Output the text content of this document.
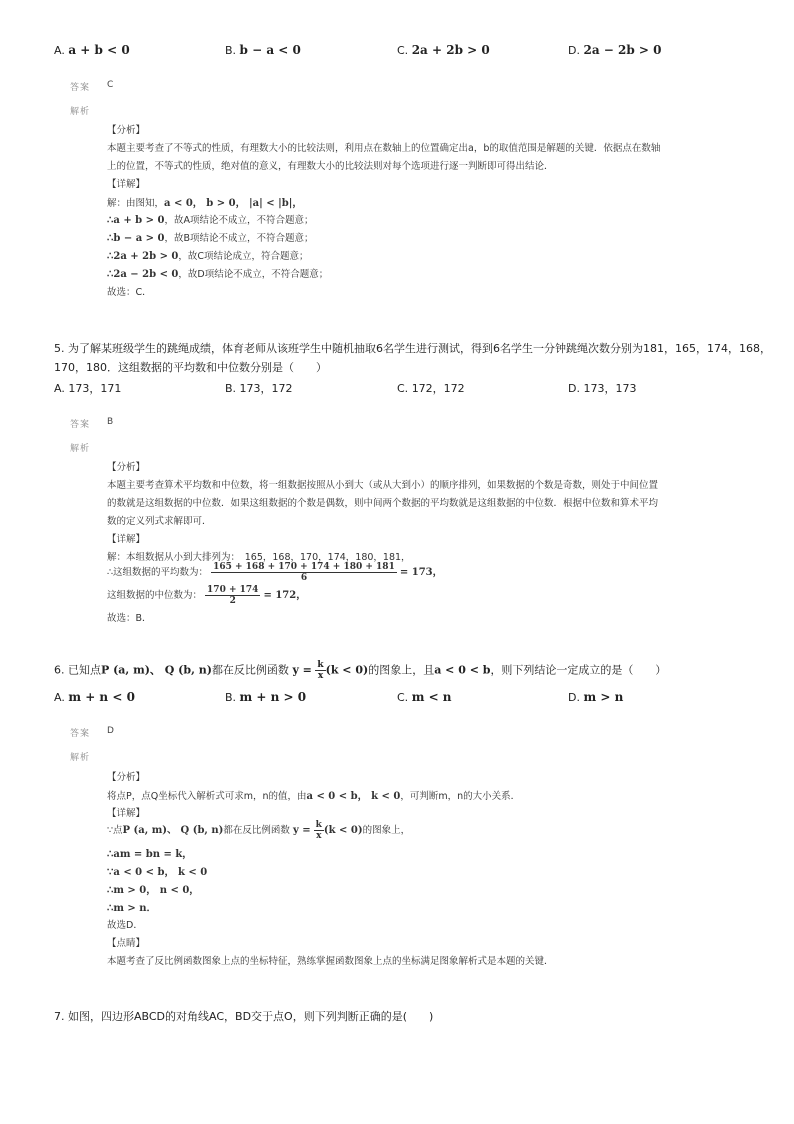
A. a + b < 0	B. b − a < 0	C. 2a + 2b > 0	D. 2a − 2b > 0
答案 C
解析
【分析】
本题主要考查了不等式的性质，有理数大小的比较法则，利用点在数轴上的位置确定出a，b的取值范围是解题的关键．依据点在数轴
上的位置，不等式的性质，绝对值的意义，有理数大小的比较法则对每个选项进行逐一判断即可得出结论．
【详解】
解：由图知，a < 0， b > 0， |a| < |b|，
∴a + b > 0，故A项结论不成立，不符合题意；
∴b − a > 0，故B项结论不成立，不符合题意；
∴2a + 2b > 0，故C项结论成立，符合题意；
∴2a − 2b < 0，故D项结论不成立，不符合题意；
故选：C．
5. 为了解某班级学生的跳绳成绩，体育老师从该班学生中随机抽取6名学生进行测试，得到6名学生一分钟跳绳次数分别为181，165，174，168，
170，180．这组数据的平均数和中位数分别是（　　）
A. 173，171	B. 173，172	C. 172，172	D. 173，173
答案 B
解析
【分析】
本题主要考查算术平均数和中位数，将一组数据按照从小到大（或从大到小）的顺序排列，如果数据的个数是奇数，则处于中间位置
的数就是这组数据的中位数．如果这组数据的个数是偶数，则中间两个数据的平均数就是这组数据的中位数．根据中位数和算术平均
数的定义列式求解即可．
【详解】
解：本组数据从小到大排列为：　165，168，170，174，180，181，
∴这组数据的平均数为： $\frac{165 + 168 + 170 + 174 + 180 + 181}{6} = 173$，
这组数据的中位数为： $\frac{170 + 174}{2} = 172$，
故选：B．
6. 已知点P (a, m)、 Q (b, n)都在反比例函数 $y = \frac{k}{x} (k < 0)$的图象上，且a < 0 < b，则下列结论一定成立的是（　　）
A. m + n < 0	B. m + n > 0	C. m < n	D. m > n
答案 D
解析
【分析】
将点P，点Q坐标代入解析式可求m，n的值，由a < 0 < b， k < 0，可判断m，n的大小关系．
【详解】
∵点P (a, m)、 Q (b, n)都在反比例函数 $y = \frac{k}{x} (k < 0)$的图象上，
∴am = bn = k，
∵a < 0 < b， k < 0
∴m > 0， n < 0，
∴m > n．
故选D．
【点睛】
本题考查了反比例函数图象上点的坐标特征，熟练掌握函数图象上点的坐标满足图象解析式是本题的关键．
7. 如图，四边形ABCD的对角线AC，BD交于点O，则下列判断正确的是(　　)
